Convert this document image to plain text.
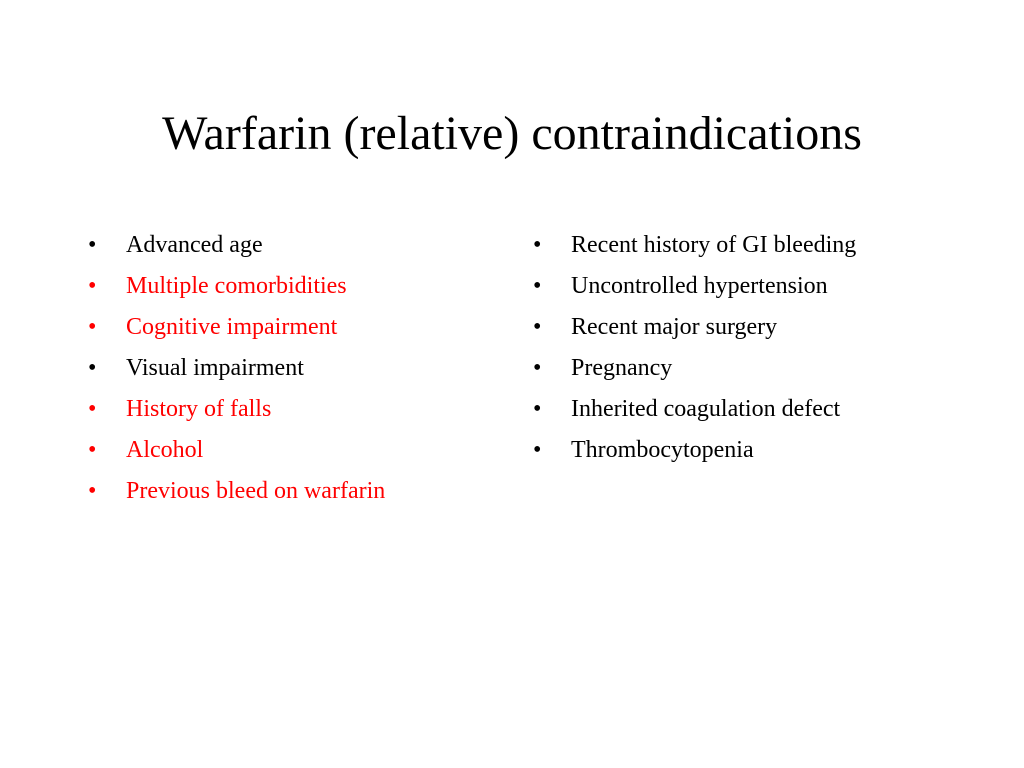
Warfarin (relative) contraindications
• Advanced age
• Multiple comorbidities
• Cognitive impairment
• Visual impairment
• History of falls
• Alcohol
• Previous bleed on warfarin
• Recent history of GI bleeding
• Uncontrolled hypertension
• Recent major surgery
• Pregnancy
• Inherited coagulation defect
• Thrombocytopenia
